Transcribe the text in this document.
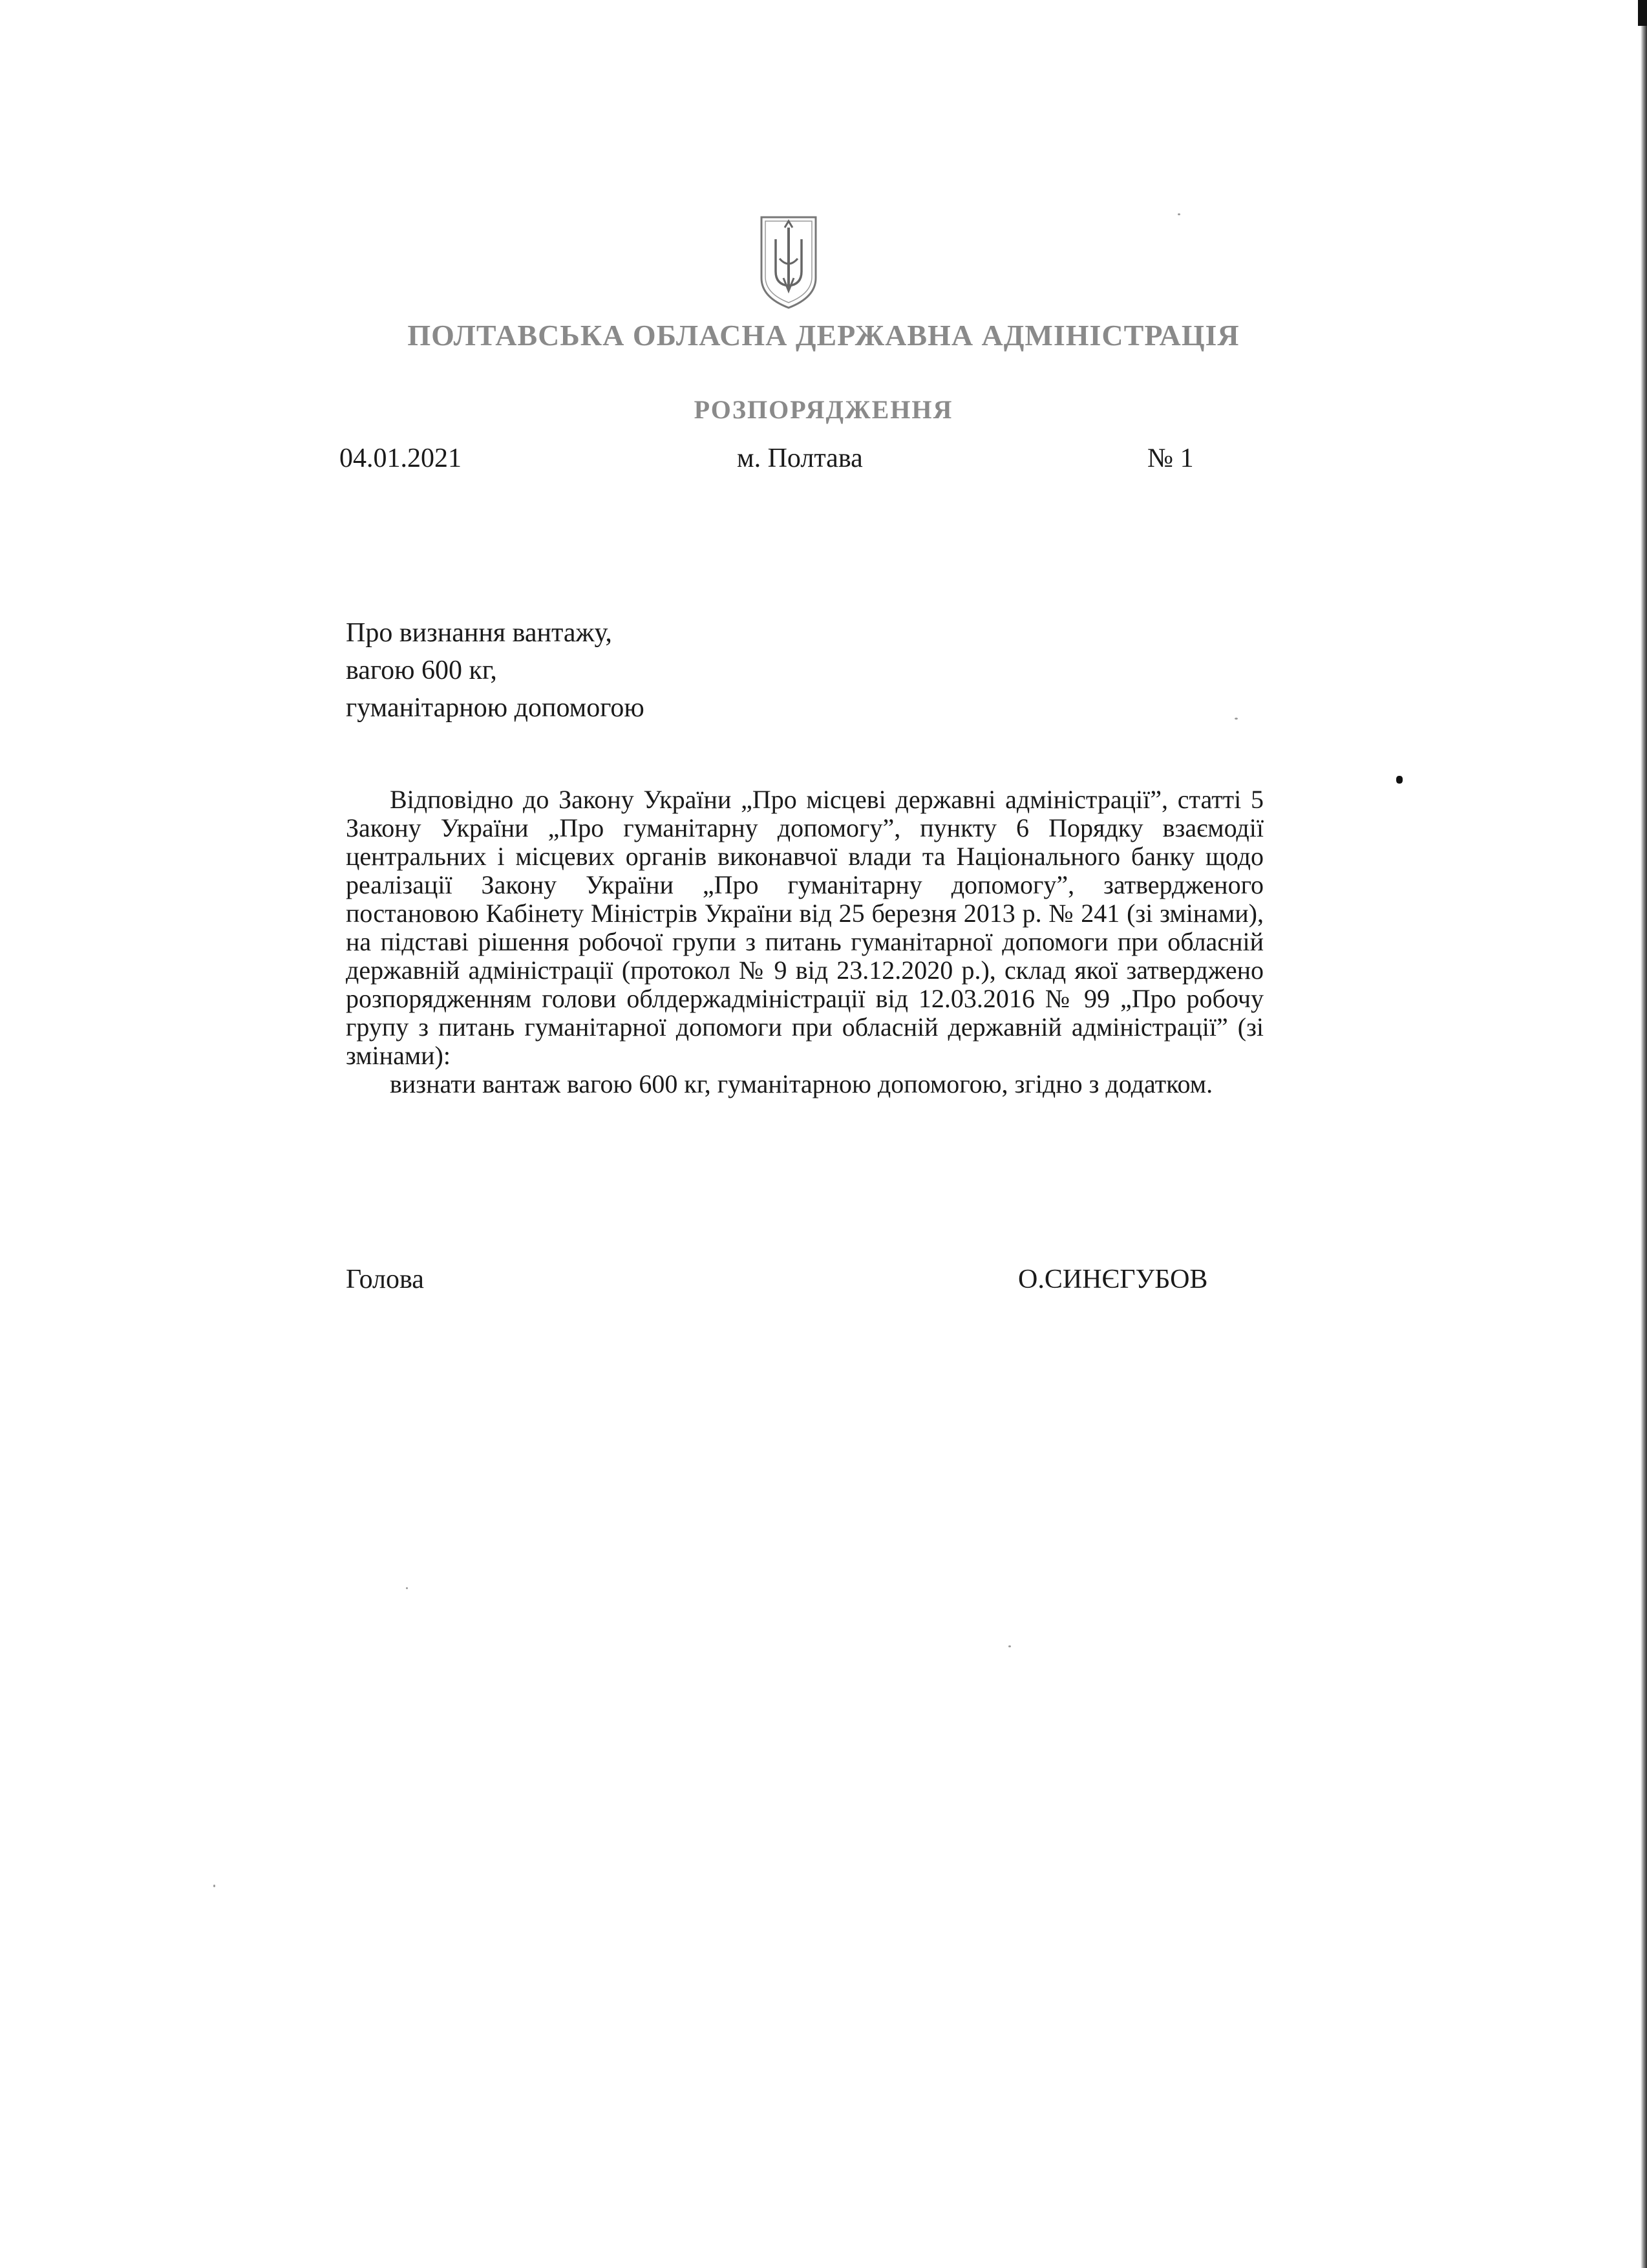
ПОЛТАВСЬКА ОБЛАСНА ДЕРЖАВНА АДМІНІСТРАЦІЯ
РОЗПОРЯДЖЕННЯ
04.01.2021	м. Полтава	№ 1
Про визнання вантажу,
вагою 600 кг,
гуманітарною допомогою

Відповідно до Закону України „Про місцеві державні адміністрації”, статті 5 Закону України „Про гуманітарну допомогу”, пункту 6 Порядку взаємодії центральних і місцевих органів виконавчої влади та Національного банку щодо реалізації Закону України „Про гуманітарну допомогу”, затвердженого постановою Кабінету Міністрів України від 25 березня 2013 р. № 241 (зі змінами), на підставі рішення робочої групи з питань гуманітарної допомоги при обласній державній адміністрації (протокол № 9 від 23.12.2020 р.), склад якої затверджено розпорядженням голови облдержадміністрації від 12.03.2016 № 99 „Про робочу групу з питань гуманітарної допомоги при обласній державній адміністрації” (зі змінами):

визнати вантаж вагою 600 кг, гуманітарною допомогою, згідно з додатком.

Голова	О.СИНЄГУБОВ
